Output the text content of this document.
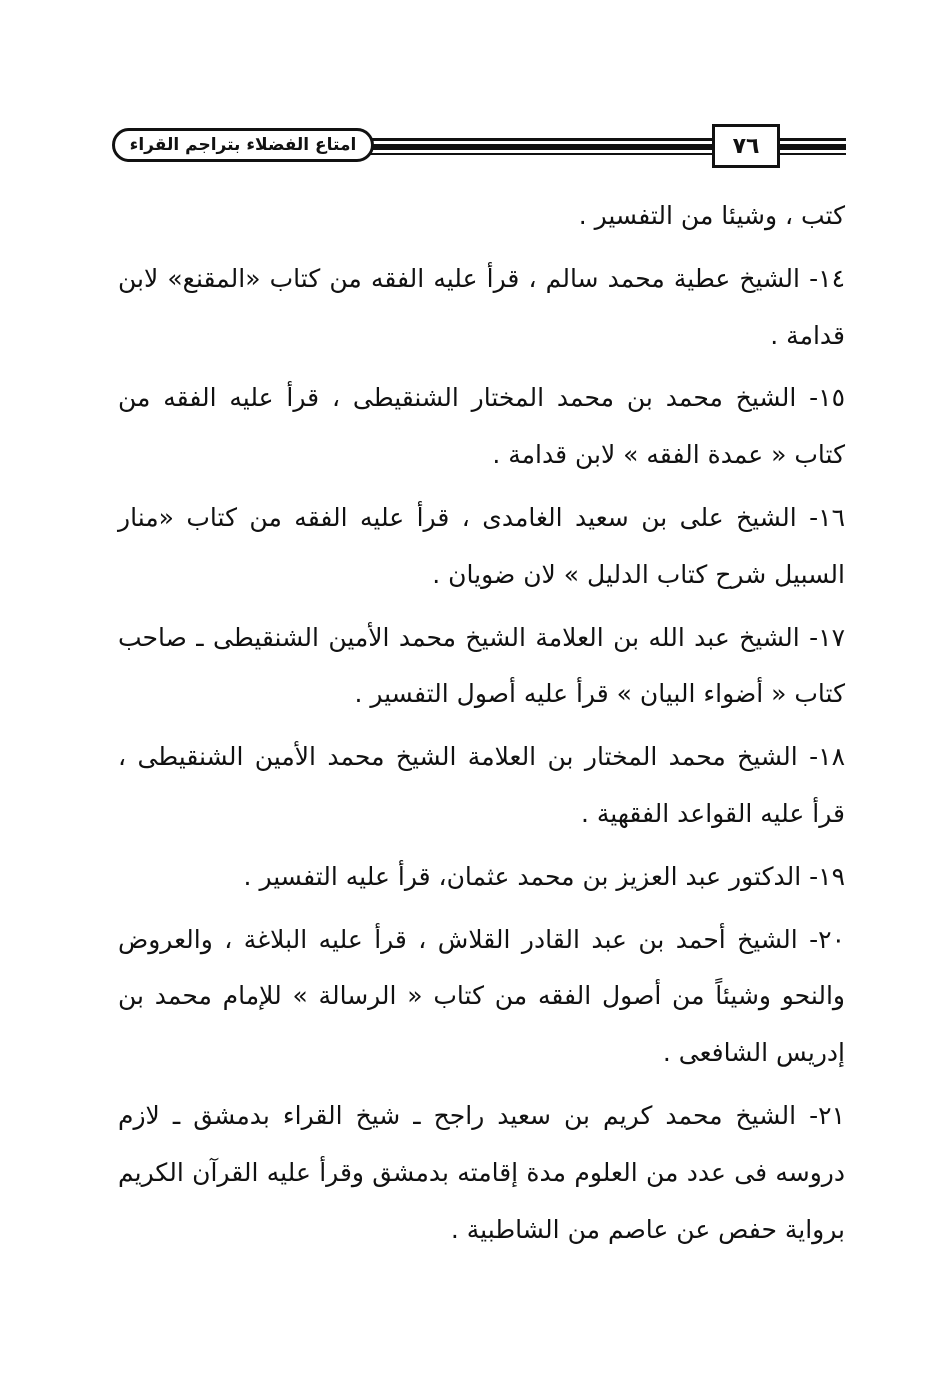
امتاع الفضلاء بتراجم القراء	٧٦

كتب ، وشيئا من التفسير .

١٤- الشيخ عطية محمد سالم ، قرأ عليه الفقه من كتاب «المقنع» لابن قدامة .

١٥- الشيخ محمد بن محمد المختار الشنقيطى ، قرأ عليه الفقه من كتاب « عمدة الفقه » لابن قدامة .

١٦- الشيخ على بن سعيد الغامدى ، قرأ عليه الفقه من كتاب «منار السبيل شرح كتاب الدليل » لان ضويان .

١٧- الشيخ عبد الله بن العلامة الشيخ محمد الأمين الشنقيطى ـ صاحب كتاب « أضواء البيان » قرأ عليه أصول التفسير .

١٨- الشيخ محمد المختار بن العلامة الشيخ محمد الأمين الشنقيطى ، قرأ عليه القواعد الفقهية .

١٩- الدكتور عبد العزيز بن محمد عثمان، قرأ عليه التفسير .

٢٠- الشيخ أحمد بن عبد القادر القلاش ، قرأ عليه البلاغة ، والعروض والنحو وشيئاً من أصول الفقه من كتاب « الرسالة » للإمام محمد بن إدريس الشافعى .

٢١- الشيخ محمد كريم بن سعيد راجح ـ شيخ القراء بدمشق ـ لازم دروسه فى عدد من العلوم مدة إقامته بدمشق وقرأ عليه القرآن الكريم برواية حفص عن عاصم من الشاطبية .
